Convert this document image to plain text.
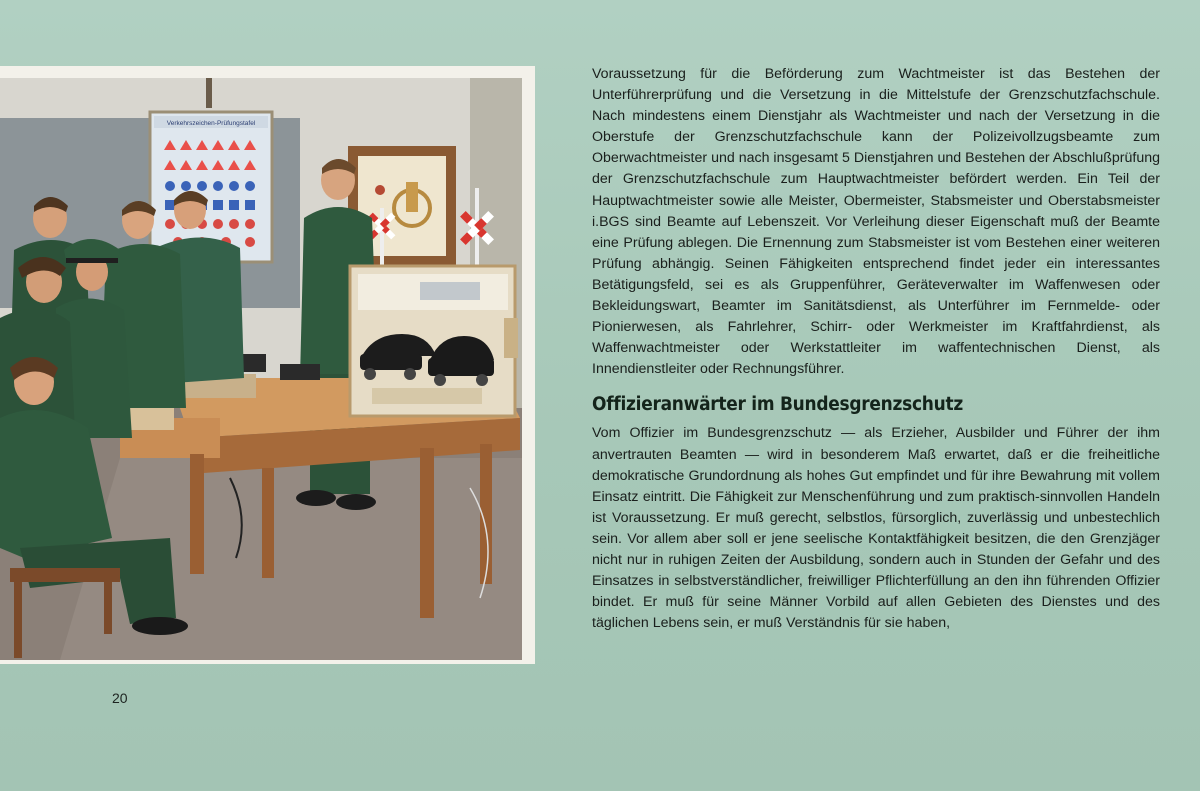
Verkehrszeichen-Prüfungstafel

Voraussetzung für die Beförderung zum Wachtmeister ist das Bestehen der Unterführerprüfung und die Versetzung in die Mittelstufe der Grenzschutzfachschule. Nach mindestens einem Dienstjahr als Wachtmeister und nach der Versetzung in die Oberstufe der Grenzschutzfachschule kann der Polizeivollzugsbeamte zum Oberwachtmeister und nach insgesamt 5 Dienstjahren und Bestehen der Abschlußprüfung der Grenzschutzfachschule zum Hauptwachtmeister befördert werden. Ein Teil der Hauptwachtmeister sowie alle Meister, Obermeister, Stabsmeister und Oberstabsmeister i.BGS sind Beamte auf Lebenszeit. Vor Verleihung dieser Eigenschaft muß der Beamte eine Prüfung ablegen. Die Ernennung zum Stabsmeister ist vom Bestehen einer weiteren Prüfung abhängig. Seinen Fähigkeiten entsprechend findet jeder ein interessantes Betätigungsfeld, sei es als Gruppenführer, Geräteverwalter im Waffenwesen oder Bekleidungswart, Beamter im Sanitätsdienst, als Unterführer im Fernmelde- oder Pionierwesen, als Fahrlehrer, Schirr- oder Werkmeister im Kraftfahrdienst, als Waffenwachtmeister oder Werkstattleiter im waffentechnischen Dienst, als Innendienstleiter oder Rechnungsführer.

Offizieranwärter im Bundesgrenzschutz

Vom Offizier im Bundesgrenzschutz — als Erzieher, Ausbilder und Führer der ihm anvertrauten Beamten — wird in besonderem Maß erwartet, daß er die freiheitliche demokratische Grundordnung als hohes Gut empfindet und für ihre Bewahrung mit vollem Einsatz eintritt. Die Fähigkeit zur Menschenführung und zum praktisch-sinnvollen Handeln ist Voraussetzung. Er muß gerecht, selbstlos, fürsorglich, zuverlässig und unbestechlich sein. Vor allem aber soll er jene seelische Kontaktfähigkeit besitzen, die den Grenzjäger nicht nur in ruhigen Zeiten der Ausbildung, sondern auch in Stunden der Gefahr und des Einsatzes in selbstverständlicher, freiwilliger Pflichterfüllung an den ihn führenden Offizier bindet. Er muß für seine Männer Vorbild auf allen Gebieten des Dienstes und des täglichen Lebens sein, er muß Verständnis für sie haben,

20
